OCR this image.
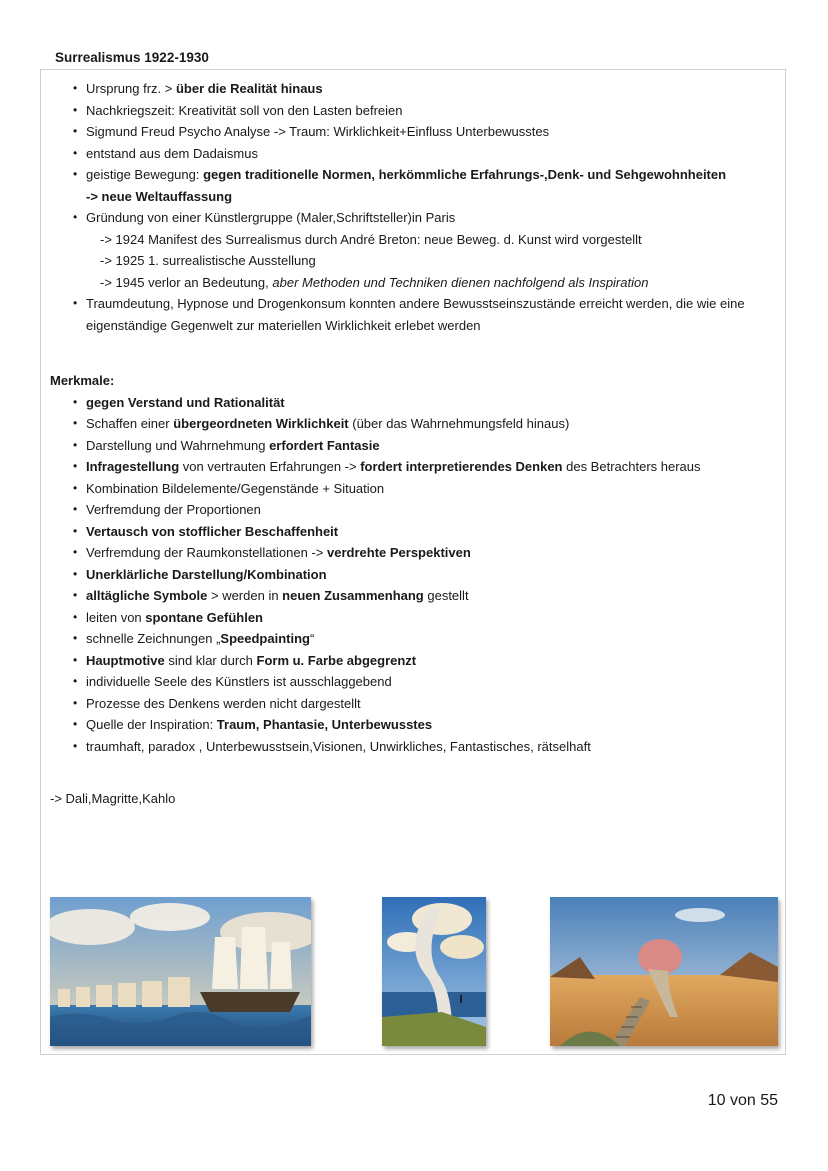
Surrealismus 1922-1930
• Ursprung frz. > über die Realität hinaus
• Nachkriegszeit: Kreativität soll von den Lasten befreien
• Sigmund Freud Psycho Analyse -> Traum: Wirklichkeit+Einfluss Unterbewusstes
• entstand aus dem Dadaismus
• geistige Bewegung: gegen traditionelle Normen, herkömmliche Erfahrungs-,Denk- und Sehgewohnheiten
-> neue Weltauffassung
• Gründung von einer Künstlergruppe (Maler,Schriftsteller)in Paris
-> 1924 Manifest des Surrealismus durch André Breton: neue Beweg. d. Kunst wird vorgestellt
-> 1925 1. surrealistische Ausstellung
-> 1945 verlor an Bedeutung, aber Methoden und Techniken dienen nachfolgend als Inspiration
• Traumdeutung, Hypnose und Drogenkonsum konnten andere Bewusstseinszustände erreicht werden, die wie eine eigenständige Gegenwelt zur materiellen Wirklichkeit erlebet werden
Merkmale:
• gegen Verstand und Rationalität
• Schaffen einer übergeordneten Wirklichkeit (über das Wahrnehmungsfeld hinaus)
• Darstellung und Wahrnehmung erfordert Fantasie
• Infragestellung von vertrauten Erfahrungen -> fordert interpretierendes Denken des Betrachters heraus
• Kombination Bildelemente/Gegenstände + Situation
• Verfremdung der Proportionen
• Vertausch von stofflicher Beschaffenheit
• Verfremdung der Raumkonstellationen -> verdrehte Perspektiven
• Unerklärliche Darstellung/Kombination
• alltägliche Symbole > werden in neuen Zusammenhang gestellt
• leiten von spontane Gefühlen
• schnelle Zeichnungen „Speedpainting“
• Hauptmotive sind klar durch Form u. Farbe abgegrenzt
• individuelle Seele des Künstlers ist ausschlaggebend
• Prozesse des Denkens werden nicht dargestellt
• Quelle der Inspiration: Traum, Phantasie, Unterbewusstes
• traumhaft, paradox , Unterbewusstsein,Visionen, Unwirkliches, Fantastisches, rätselhaft
-> Dali,Magritte,Kahlo
10 von 55
